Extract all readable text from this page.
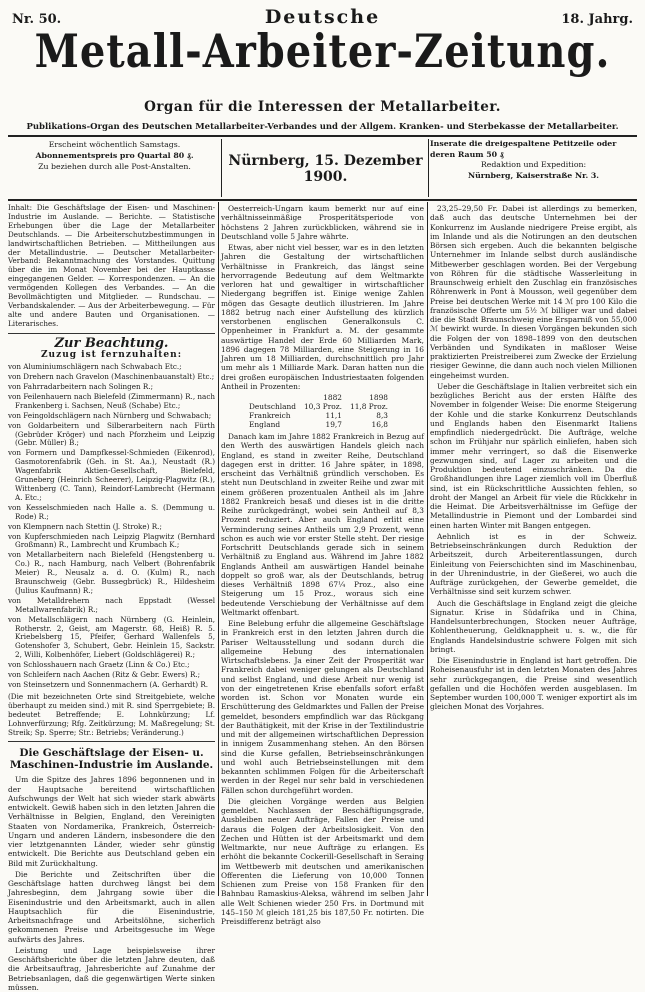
Nr. 50.	18. Jahrg.
Deutsche
Metall-Arbeiter-Zeitung.
Organ für die Interessen der Metallarbeiter.
Publikations-Organ des Deutschen Metallarbeiter-Verbandes und der Allgem. Kranken- und Sterbekasse der Metallarbeiter.
Erscheint wöchentlich Samstags.
Abonnementspreis pro Quartal 80 ₰.
Zu beziehen durch alle Post-Anstalten.	Nürnberg, 15. Dezember 1900.
Inserate die dreigespaltene Petitzeile oder deren Raum 50 ₰
Redaktion und Expedition:
Nürnberg, Kaiserstraße Nr. 3.
Inhalt: Die Geschäftslage der Eisen- und Maschinen-Industrie im Auslande. — Berichte. — Statistische Erhebungen über die Lage der Metallarbeiter Deutschlands. — Die Arbeiterschutzbestimmungen in landwirtschaftlichen Betrieben. — Mittheilungen aus der Metallindustrie. — Deutscher Metallarbeiter-Verband: Bekanntmachung des Vorstandes. Quittung über die im Monat November bei der Hauptkasse eingegangenen Gelder. — Korrespondenzen. — An die vermögenden Kollegen des Verbandes. — An die Bevollmächtigten und Mitglieder. — Rundschau. — Verbandskalender. — Aus der Arbeiterbewegung. — Für alte und andere Bauten und Organisationen. — Literarisches.
Zur Beachtung.
Zuzug ist fernzuhalten:
von Aluminiumschlägern nach Schwabach Etc.;
von Drehern nach Gravelon (Maschinenbauanstalt) Etc.;
von Fahrradarbeitern nach Solingen R.;
von Feilenhauern nach Bielefeld (Zimmermann) R., nach Frankenberg i. Sachsen, Neuß (Schabe) Etc.;
von Feingoldschlägern nach Nürnberg und Schwabach;
von Goldarbeitern und Silberarbeitern nach Fürth (Gebrüder Kröger) und nach Pforzheim und Leipzig (Gebr. Müller) B.;
von Formern und Dampfkessel-Schmieden (Eikenrod), Gasmotorenfabrik (Geh. in St. Aa.), Neustadt (R.) Wagenfabrik Aktien-Gesellschaft, Bielefeld, Gruneberg (Heinrich Scheerer), Leipzig-Plagwitz (R.), Wittenberg (C. Tann), Reindorf-Lambrecht (Hermann A. Etc.;
von Kesselschmieden nach Halle a. S. (Demmung u. Rode) R.;
von Klempnern nach Stettin (J. Stroke) R.;
von Kupferschmieden nach Leipzig Plagwitz (Bernhard Großmann) R., Lambrecht und Krumbach K.;
von Metallarbeitern nach Bielefeld (Hengstenberg u. Co.) R., nach Hamburg, nach Velbert (Bohrenfabrik Meier) R., Neusalz a. d. O. (Kulm) R., nach Braunschweig (Gebr. Bussegbrück) R., Hildesheim (Julius Kaufmann) R.;
von Metalldrehern nach Eppstadt (Wessel Metallwarenfabrik) R.;
von Metallschlägern nach Nürnberg (G. Heinlein, Rotherstr. 2, Geist, am Magerstr. 68, Heiß) R. 5. Kriebelsberg 15, Pfeifer, Gerhard Wallenfels 5, Gotenshofer 3, Schubert, Gebr. Heinlein 15, Sackstr. 2, Willi, Kolbenhöfer, Liebert (Goldschlägerei) R.;
von Schlosshauern nach Graetz (Linn & Co.) Etc.;
von Schleifern nach Aachen (Ritz & Gebr. Ewers) R.;
von Steinsetzern und Sonnenmachern (A. Gerhardt) R.
(Die mit bezeichneten Orte sind Streitgebiete, welche überhaupt zu meiden sind.) mit R. sind Sperrgebiete; B. bedeutet Betreffende; E. Lohnkürzung; Lf. Lohnverfürzung; Rfg. Zeitkürzung; M. Maßregelung; St. Streik; Sp. Sperre; Str.: Betriebs; Veränderung.)
Die Geschäftslage der Eisen- u. Maschinen-Industrie im Auslande.

Um die Spitze des Jahres 1896 begonnenen und in der Hauptsache bereitend wirtschaftlichen Aufschwungs der Welt hat sich wieder stark abwärts entwickelt. Gewiß haben sich in den letzten Jahren die Verhältnisse in Belgien, England, den Vereinigten Staaten von Nordamerika, Frankreich, Österreich-Ungarn und anderen Ländern, insbesondere die den vier letztgenannten Länder, wieder sehr günstig entwickelt. Die Berichte aus Deutschland geben ein Bild mit Zurückhaltung.

Die Berichte und Zeitschriften über die Geschäftslage hatten durchweg längst bei dem Jahresbeginn, dem Jahrgang sowie über die Eisenindustrie und den Arbeitsmarkt, auch in allen Hauptsachlich für die Eisenindustrie, Arbeitsnachfrage und Arbeitslöhne, sicherlich gekommenen Preise und Arbeitsgesuche im Wege aufwärts des Jahres.

Leistung und Lage beispielsweise ihrer Geschäftsberichte über die letzten Jahre deuten, daß die Arbeitsauftrag, Jahresberichte auf Zunahme der Betriebsanlagen, daß die gegenwärtigen Werte sinken müssen.

Oesterreich-Ungarn kaum bemerkt nur auf eine verhältnisseinmäßige Prosperitätsperiode von höchstens 2 Jahren zurückblicken, während sie in Deutschland volle 5 Jahre währte.

Etwas, aber nicht viel besser, war es in den letzten Jahren die Gestaltung der wirtschaftlichen Verhältnisse in Frankreich, das längst seine hervorragende Bedeutung auf dem Weltmarkte verloren hat und gewaltiger in wirtschaftlicher Niedergang begriffen ist. Einige wenige Zahlen mögen das Gesagte deutlich illustrieren. Im Jahre 1882 betrug nach einer Aufstellung des kürzlich verstorbenen englischen Generalkonsuls C. Oppenheimer in Frankfurt a. M. der gesammte auswärtige Handel der Erde 60 Milliarden Mark, 1896 dagegen 78 Milliarden, eine Steigerung in 16 Jahren um 18 Milliarden, durchschnittlich pro Jahr um mehr als 1 Milliarde Mark. Daran hatten nun die drei großen europäischen Industriestaaten folgenden Antheil in Prozenten:

	1882	1898
Deutschland	10,3 Proz.	11,8 Proz.
Frankreich	11,1	8,3
England	19,7	16,8

Danach kam im Jahre 1882 Frankreich in Bezug auf den Werth des auswärtigen Handels gleich nach England, es stand in zweiter Reihe, Deutschland dagegen erst in dritter. 16 Jahre später, in 1898, erscheint das Verhältniß gründlich verschoben. Es steht nun Deutschland in zweiter Reihe und zwar mit einem größeren prozentualen Antheil als im Jahre 1882 Frankreich besaß und dieses ist in die dritte Reihe zurückgedrängt, wobei sein Antheil auf 8,3 Prozent reduziert. Aber auch England erlitt eine Verminderung seines Antheils um 2,9 Prozent, wenn schon es auch wie vor erster Stelle steht. Der riesige Fortschritt Deutschlands gerade sich in seinem Verhältniß zu England aus. Während im Jahre 1882 Englands Antheil am auswärtigen Handel beinahe doppelt so groß war, als der Deutschlands, betrug dieses Verhältniß 1898 67¼ Proz., also eine Steigerung um 15 Proz., woraus sich eine bedeutende Verschiebung der Verhältnisse auf dem Weltmarkt offenbart.

Eine Belebung erfuhr die allgemeine Geschäftslage in Frankreich erst in den letzten Jahren durch die Pariser Weltausstellung und sodann durch die allgemeine Hebung des internationalen Wirtschaftslebens. Ja einer Zeit der Prosperität war Frankreich dabei weniger gelungen als Deutschland und selbst England, und diese Arbeit nur wenig ist von der eingetretenen Krise ebenfalls sofort erfaßt worden ist. Schon vor Monaten wurde ein Erschütterung des Geldmarktes und Fallen der Preise gemeldet, besonders empfindlich war das Rückgang der Bauthätigkeit, mit der Krise in der Textilindustrie und mit der allgemeinen wirtschaftlichen Depression in innigem Zusammenhang stehen. An den Börsen sind die Kurse gefallen, Betriebseinschränkungen und wohl auch Betriebseinstellungen mit dem bekannten schlimmen Folgen für die Arbeiterschaft werden in der Regel nur sehr bald in verschiedenen Fällen schon durchgeführt worden.

Die gleichen Vorgänge werden aus Belgien gemeldet. Nachlassen der Beschäftigungsgrade, Ausbleiben neuer Aufträge, Fallen der Preise und daraus die Folgen der Arbeitslosigkeit. Von den Zechen und Hütten ist der Arbeitsmarkt und dem Weltmarkte, nur neue Aufträge zu erlangen. Es erhöht die bekannte Cockerill-Gesellschaft in Seraing im Wettbewerb mit deutschen und amerikanischen Offerenten die Lieferung von 10,000 Tonnen Schienen zum Preise von 158 Franken für den Bahnbau Ramaskius-Aleksa, während im selben Jahr alle Welt Schienen wieder 250 Frs. in Dortmund mit 145–150 ℳ gleich 181,25 bis 187,50 Fr. notirten. Die Preisdifferenz beträgt also

23,25–29,50 Fr. Dabei ist allerdings zu bemerken, daß auch das deutsche Unternehmen bei der Konkurrenz im Auslande niedrigere Preise ergibt, als im Inlande und als die Notirungen an den deutschen Börsen sich ergeben. Auch die bekannten belgische Unternehmer im Inlande selbst durch ausländische Mitbewerber geschlagen worden. Bei der Vergebung von Röhren für die städtische Wasserleitung in Braunschweig erhielt den Zuschlag ein französisches Röhrenwerk in Pont à Mousson, weil gegenüber dem Preise bei deutschen Werke mit 14 ℳ pro 100 Kilo die französische Offerte um 5½ ℳ billiger war und dabei die die Stadt Braunschweig eine Ersparniß von 55,000 ℳ bewirkt wurde. In diesen Vorgängen bekunden sich die Folgen der von 1898–1899 von den deutschen Verbänden und Syndikaten in maßloser Weise praktizierten Preistreiberei zum Zwecke der Erzielung riesiger Gewinne, die dann auch noch vielen Millionen eingeheimst wurden.

Ueber die Geschäftslage in Italien verbreitet sich ein bezügliches Bericht aus der ersten Hälfte des November in folgender Weise: Die enorme Steigerung der Kohle und die starke Konkurrenz Deutschlands und Englands haben den Eisenmarkt Italiens empfindlich niedergedrückt. Die Aufträge, welche schon im Frühjahr nur spärlich einliefen, haben sich immer mehr verringert, so daß die Eisenwerke gezwungen sind, auf Lager zu arbeiten und die Produktion bedeutend einzuschränken. Da die Großhandlungen ihre Lager ziemlich voll im Überfluß sind, ist ein Rückschrittliche Aussichten fehlen, so droht der Mangel an Arbeit für viele die Rückkehr in die Heimat. Die Arbeitsverhältnisse im Gefüge der Metallindustrie in Piemont und der Lombardei sind einen harten Winter mit Bangen entgegen.

Aehnlich ist es in der Schweiz. Betriebseinschränkungen durch Reduktion der Arbeitszeit, durch Arbeiterentlassungen, durch Einleitung von Feierschichten sind im Maschinenbau, in der Uhrenindustrie, in der Gießerei, wo auch die Aufträge zurückgehen, der Gewerbe gemeldet, die Verhältnisse sind seit kurzem schwer.

Auch die Geschäftslage in England zeigt die gleiche Signatur. Krise in Südafrika und in China, Handelsunterbrechungen, Stocken neuer Aufträge, Kohlentheuerung, Geldknappheit u. s. w., die für Englands Handelsindustrie schwere Folgen mit sich bringt.

Die Eisenindustrie in England ist hart getroffen. Die Roheisenausfuhr ist in den letzten Monaten des Jahres sehr zurückgegangen, die Preise sind wesentlich gefallen und die Hochöfen werden ausgeblasen. Im September wurden 100,000 T. weniger exportirt als im gleichen Monat des Vorjahres.
